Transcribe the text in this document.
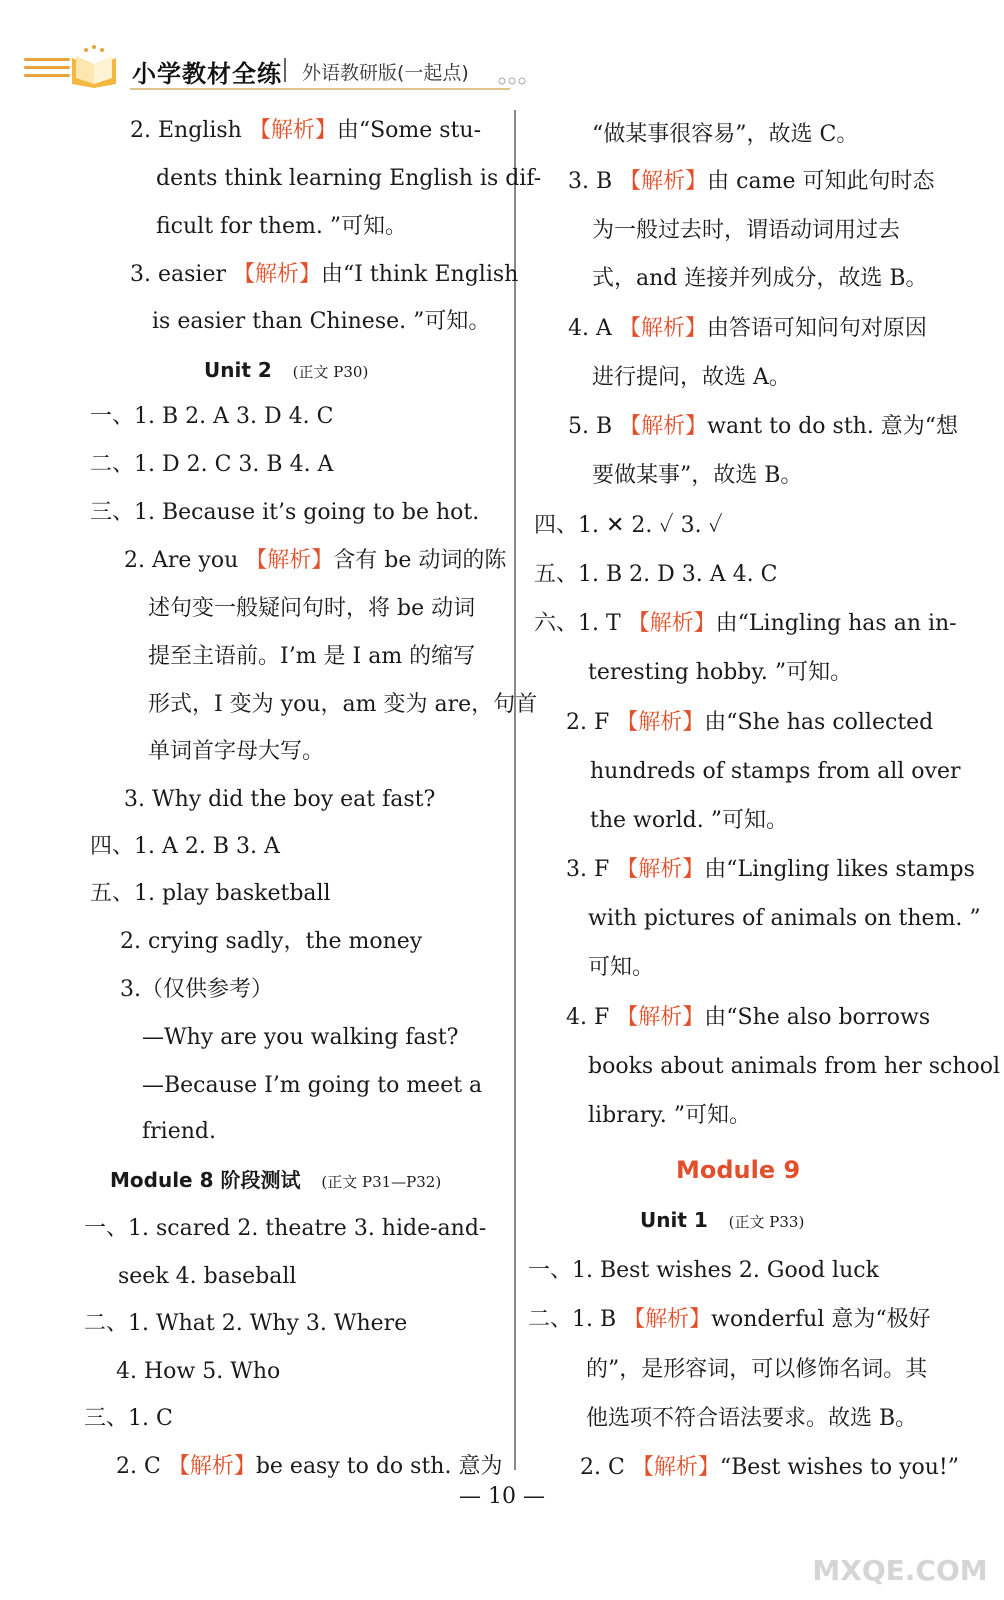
小学教材全练 外语教研版(一起点)
2. English 【解析】由“Some stu-
dents think learning English is dif-
ficult for them. ”可知。
3. easier 【解析】由“I think English
is easier than Chinese. ”可知。
Unit 2 (正文 P30)
一、1. B 2. A 3. D 4. C
二、1. D 2. C 3. B 4. A
三、1. Because it’s going to be hot.
2. Are you 【解析】含有 be 动词的陈
述句变一般疑问句时，将 be 动词
提至主语前。I’m 是 I am 的缩写
形式，I 变为 you，am 变为 are，句首
单词首字母大写。
3. Why did the boy eat fast?
四、1. A 2. B 3. A
五、1. play basketball
2. crying sadly，the money
3.（仅供参考）
—Why are you walking fast?
—Because I’m going to meet a
friend.
Module 8 阶段测试 (正文 P31—P32)
一、1. scared 2. theatre 3. hide-and-
seek 4. baseball
二、1. What 2. Why 3. Where
4. How 5. Who
三、1. C
2. C 【解析】be easy to do sth. 意为
“做某事很容易”，故选 C。
3. B 【解析】由 came 可知此句时态
为一般过去时，谓语动词用过去
式，and 连接并列成分，故选 B。
4. A 【解析】由答语可知问句对原因
进行提问，故选 A。
5. B 【解析】want to do sth. 意为“想
要做某事”，故选 B。
四、1. ✕ 2. ✓ 3. ✓
五、1. B 2. D 3. A 4. C
六、1. T 【解析】由“Lingling has an in-
teresting hobby. ”可知。
2. F 【解析】由“She has collected
hundreds of stamps from all over
the world. ”可知。
3. F 【解析】由“Lingling likes stamps
with pictures of animals on them. ”
可知。
4. F 【解析】由“She also borrows
books about animals from her school
library. ”可知。
Module 9
Unit 1 (正文 P33)
一、1. Best wishes 2. Good luck
二、1. B 【解析】wonderful 意为“极好
的”，是形容词，可以修饰名词。其
他选项不符合语法要求。故选 B。
2. C 【解析】“Best wishes to you!”
— 10 —
MXQE.COM
